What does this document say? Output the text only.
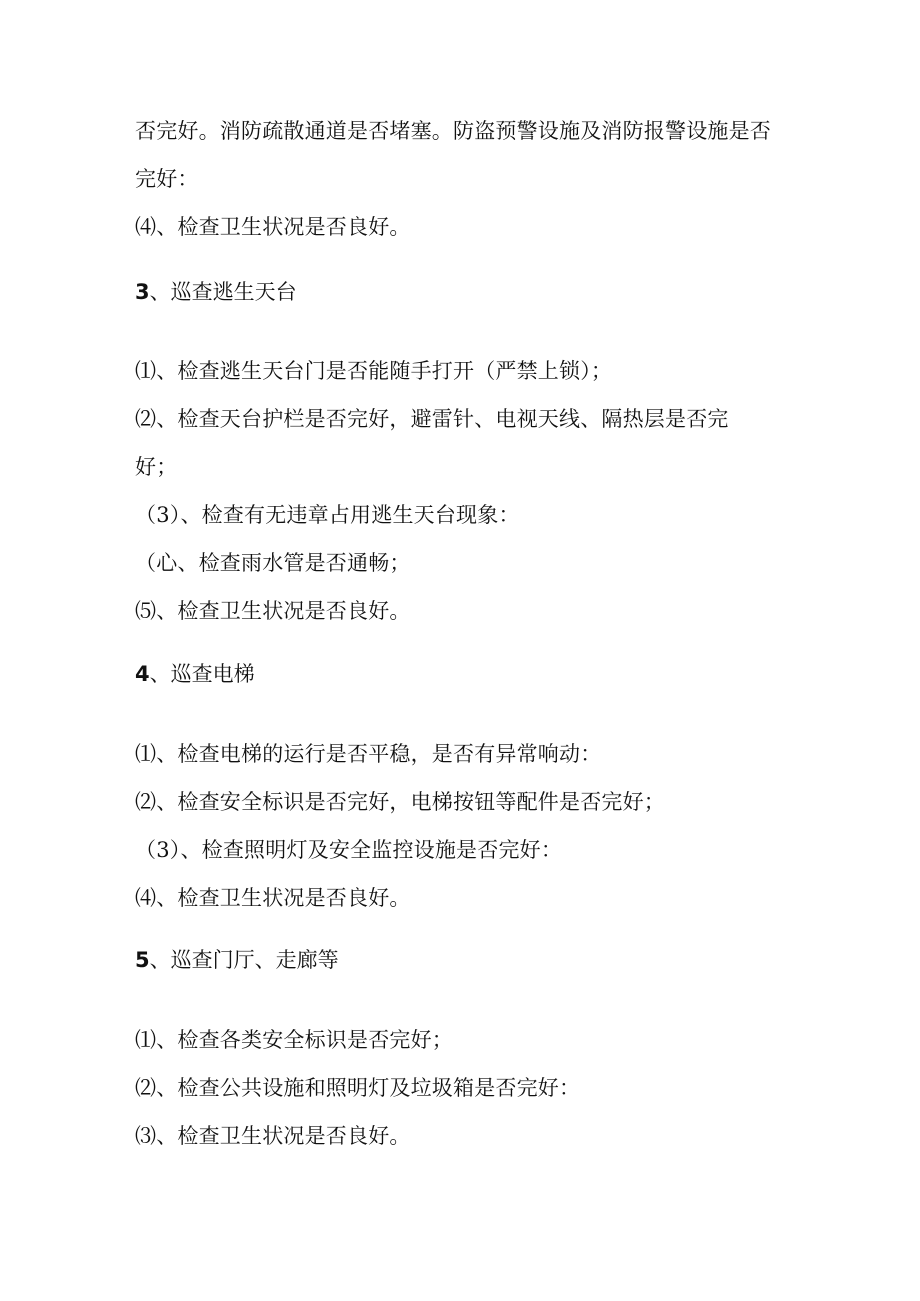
否完好。消防疏散通道是否堵塞。防盗预警设施及消防报警设施是否
完好：
⑷、检查卫生状况是否良好。
3、巡查逃生天台
⑴、检查逃生天台门是否能随手打开（严禁上锁）；
⑵、检查天台护栏是否完好，避雷针、电视天线、隔热层是否完
好；
（3）、检查有无违章占用逃生天台现象：
（心、检查雨水管是否通畅；
⑸、检查卫生状况是否良好。
4、巡查电梯
⑴、检查电梯的运行是否平稳，是否有异常响动：
⑵、检查安全标识是否完好，电梯按钮等配件是否完好；
（3）、检查照明灯及安全监控设施是否完好：
⑷、检查卫生状况是否良好。
5、巡查门厅、走廊等
⑴、检查各类安全标识是否完好；
⑵、检查公共设施和照明灯及垃圾箱是否完好：
⑶、检查卫生状况是否良好。
